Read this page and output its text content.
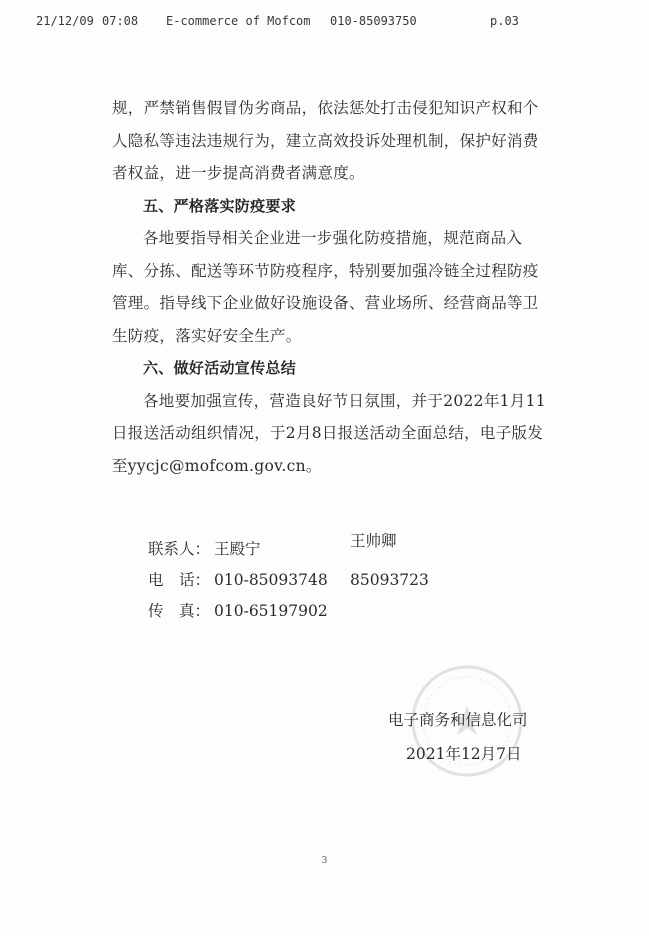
21/12/09 07:08 E-commerce of Mofcom 010-85093750	p.03

规，严禁销售假冒伪劣商品，依法惩处打击侵犯知识产权和个人隐私等违法违规行为，建立高效投诉处理机制，保护好消费者权益，进一步提高消费者满意度。

五、严格落实防疫要求

各地要指导相关企业进一步强化防疫措施，规范商品入库、分拣、配送等环节防疫程序，特别要加强冷链全过程防疫管理。指导线下企业做好设施设备、营业场所、经营商品等卫生防疫，落实好安全生产。

六、做好活动宣传总结

各地要加强宣传，营造良好节日氛围，并于2022年1月11日报送活动组织情况，于2月8日报送活动全面总结，电子版发至yycjc@mofcom.gov.cn。

联系人： 王殿宁	王帅卿
电　话： 010-85093748 85093723
传　真： 010-65197902
电子商务和信息化司
2021年12月7日
3
